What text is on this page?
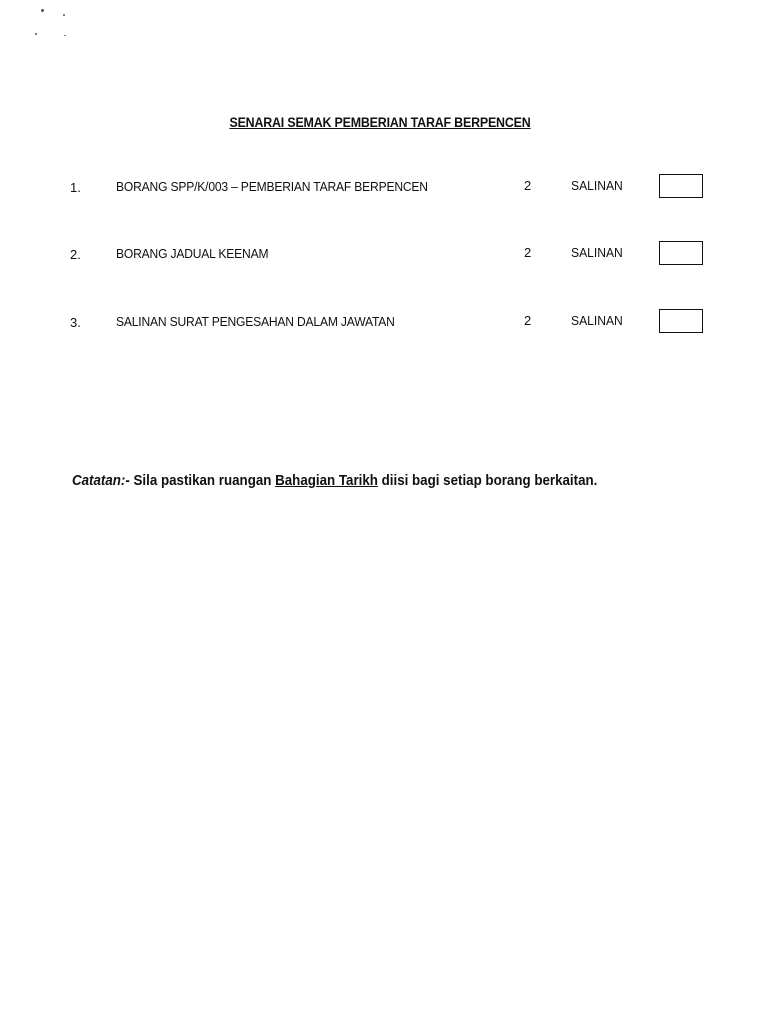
SENARAI SEMAK PEMBERIAN TARAF BERPENCEN
1.	BORANG SPP/K/003 – PEMBERIAN TARAF BERPENCEN	2	SALINAN
2.	BORANG JADUAL KEENAM	2	SALINAN
3.	SALINAN SURAT PENGESAHAN DALAM JAWATAN	2	SALINAN
Catatan:- Sila pastikan ruangan Bahagian Tarikh diisi bagi setiap borang berkaitan.
